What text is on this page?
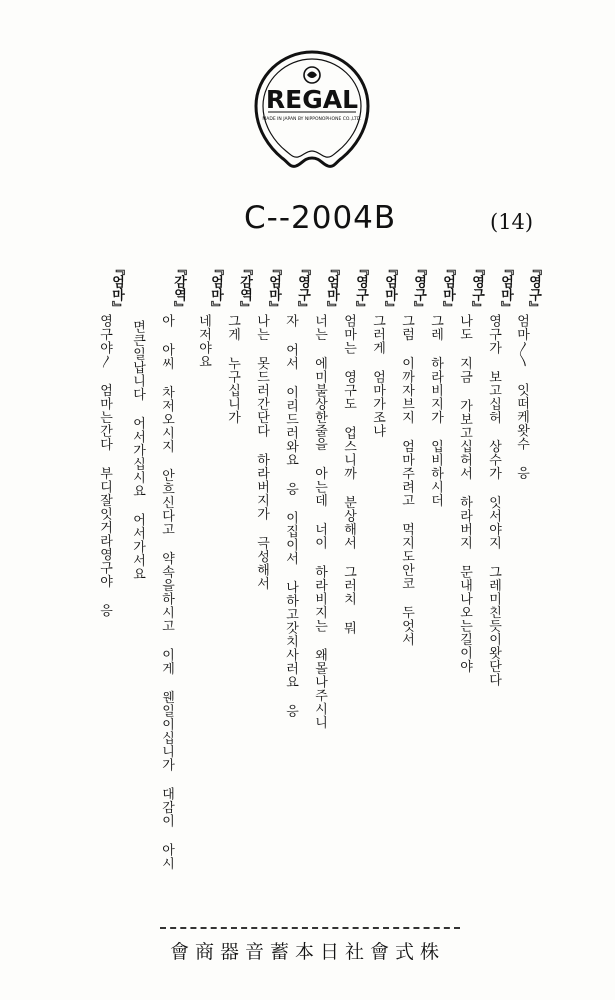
REGAL
MADE IN JAPAN BY NIPPONOPHONE CO.,LTD.
C--2004B	(14)
『영구』
엄마〳〵 잇떠케왓수 응
『엄마』
영구가 보고십허 상수가 잇서야지 그레미친듯이왓단다
『영구』
나도 지금 가보고십허서 하라버지 문내나오는길이야
『엄마』
그레 하라비지가 입비하시더
『영구』
그럼 이까자브지 엄마주려고 먹지도안코 두엇서
『엄마』
그러게 엄마가조냐
『영구』
엄마는 영구도 업스니까 분상해서 그러치 뭐
『엄마』
너는 에미불상한줄을 아는데 너이 하라비지는 왜몰나주시니
『영구』
자 어서 이리드러와요 응 이집이서 나하고갓치사러요 응
『엄마』
나는 못드러간단다 하라버지가 극성해서
『감역』
그게 누구십니가
『엄마』
네저야요
『감역』
아 아씨 차저오시지 안흐신다고 약속을하시고 이게 웬일이십니가 대감이 아시
면큰일납니다 어서가십시요 어서가서요
『엄마』
영구야〳 엄마는간다 부디잘잇거라영구야 응
會商器音蓄本日社會式株
